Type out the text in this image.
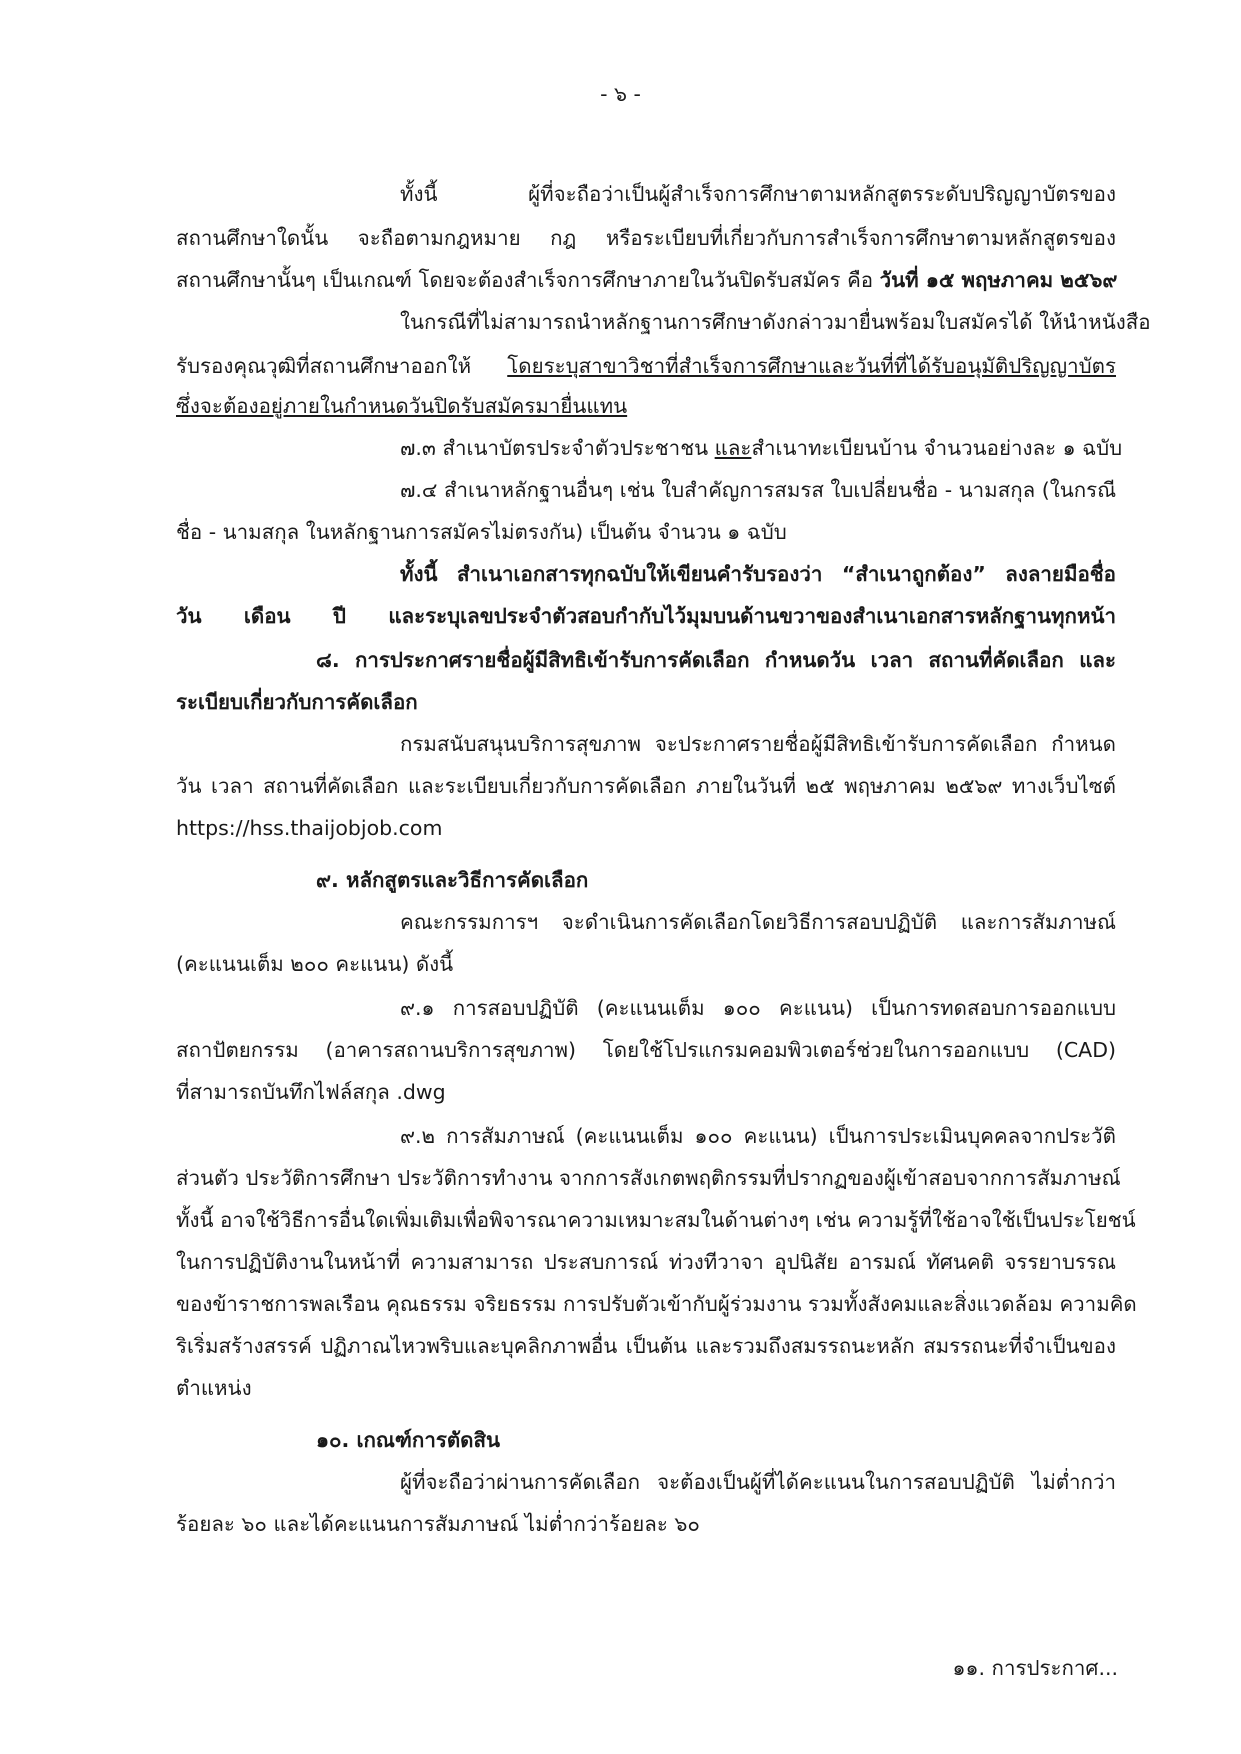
- ๖ -
ทั้งนี้ ผู้ที่จะถือว่าเป็นผู้สำเร็จการศึกษาตามหลักสูตรระดับปริญญาบัตรของ
สถานศึกษาใดนั้น จะถือตามกฎหมาย กฎ หรือระเบียบที่เกี่ยวกับการสำเร็จการศึกษาตามหลักสูตรของ
สถานศึกษานั้นๆ เป็นเกณฑ์ โดยจะต้องสำเร็จการศึกษาภายในวันปิดรับสมัคร คือ วันที่ ๑๕ พฤษภาคม ๒๕๖๙
ในกรณีที่ไม่สามารถนำหลักฐานการศึกษาดังกล่าวมายื่นพร้อมใบสมัครได้ ให้นำหนังสือ
รับรองคุณวุฒิที่สถานศึกษาออกให้ โดยระบุสาขาวิชาที่สำเร็จการศึกษาและวันที่ที่ได้รับอนุมัติปริญญาบัตร
ซึ่งจะต้องอยู่ภายในกำหนดวันปิดรับสมัครมายื่นแทน
๗.๓ สำเนาบัตรประจำตัวประชาชน และสำเนาทะเบียนบ้าน จำนวนอย่างละ ๑ ฉบับ
๗.๔ สำเนาหลักฐานอื่นๆ เช่น ใบสำคัญการสมรส ใบเปลี่ยนชื่อ - นามสกุล (ในกรณี
ชื่อ - นามสกุล ในหลักฐานการสมัครไม่ตรงกัน) เป็นต้น จำนวน ๑ ฉบับ
ทั้งนี้ สำเนาเอกสารทุกฉบับให้เขียนคำรับรองว่า “สำเนาถูกต้อง” ลงลายมือชื่อ
วัน เดือน ปี และระบุเลขประจำตัวสอบกำกับไว้มุมบนด้านขวาของสำเนาเอกสารหลักฐานทุกหน้า
๘. การประกาศรายชื่อผู้มีสิทธิเข้ารับการคัดเลือก กำหนดวัน เวลา สถานที่คัดเลือก และ
ระเบียบเกี่ยวกับการคัดเลือก
กรมสนับสนุนบริการสุขภาพ จะประกาศรายชื่อผู้มีสิทธิเข้ารับการคัดเลือก กำหนด
วัน เวลา สถานที่คัดเลือก และระเบียบเกี่ยวกับการคัดเลือก ภายในวันที่ ๒๕ พฤษภาคม ๒๕๖๙ ทางเว็บไซต์
https://hss.thaijobjob.com
๙. หลักสูตรและวิธีการคัดเลือก
คณะกรรมการฯ จะดำเนินการคัดเลือกโดยวิธีการสอบปฏิบัติ และการสัมภาษณ์
(คะแนนเต็ม ๒๐๐ คะแนน) ดังนี้
๙.๑ การสอบปฏิบัติ (คะแนนเต็ม ๑๐๐ คะแนน) เป็นการทดสอบการออกแบบ
สถาปัตยกรรม (อาคารสถานบริการสุขภาพ) โดยใช้โปรแกรมคอมพิวเตอร์ช่วยในการออกแบบ (CAD)
ที่สามารถบันทึกไฟล์สกุล .dwg
๙.๒ การสัมภาษณ์ (คะแนนเต็ม ๑๐๐ คะแนน) เป็นการประเมินบุคคลจากประวัติ
ส่วนตัว ประวัติการศึกษา ประวัติการทำงาน จากการสังเกตพฤติกรรมที่ปรากฏของผู้เข้าสอบจากการสัมภาษณ์
ทั้งนี้ อาจใช้วิธีการอื่นใดเพิ่มเติมเพื่อพิจารณาความเหมาะสมในด้านต่างๆ เช่น ความรู้ที่ใช้อาจใช้เป็นประโยชน์
ในการปฏิบัติงานในหน้าที่ ความสามารถ ประสบการณ์ ท่วงทีวาจา อุปนิสัย อารมณ์ ทัศนคติ จรรยาบรรณ
ของข้าราชการพลเรือน คุณธรรม จริยธรรม การปรับตัวเข้ากับผู้ร่วมงาน รวมทั้งสังคมและสิ่งแวดล้อม ความคิด
ริเริ่มสร้างสรรค์ ปฏิภาณไหวพริบและบุคลิกภาพอื่น เป็นต้น และรวมถึงสมรรถนะหลัก สมรรถนะที่จำเป็นของ
ตำแหน่ง
๑๐. เกณฑ์การตัดสิน
ผู้ที่จะถือว่าผ่านการคัดเลือก จะต้องเป็นผู้ที่ได้คะแนนในการสอบปฏิบัติ ไม่ต่ำกว่า
ร้อยละ ๖๐ และได้คะแนนการสัมภาษณ์ ไม่ต่ำกว่าร้อยละ ๖๐
๑๑. การประกาศ...
